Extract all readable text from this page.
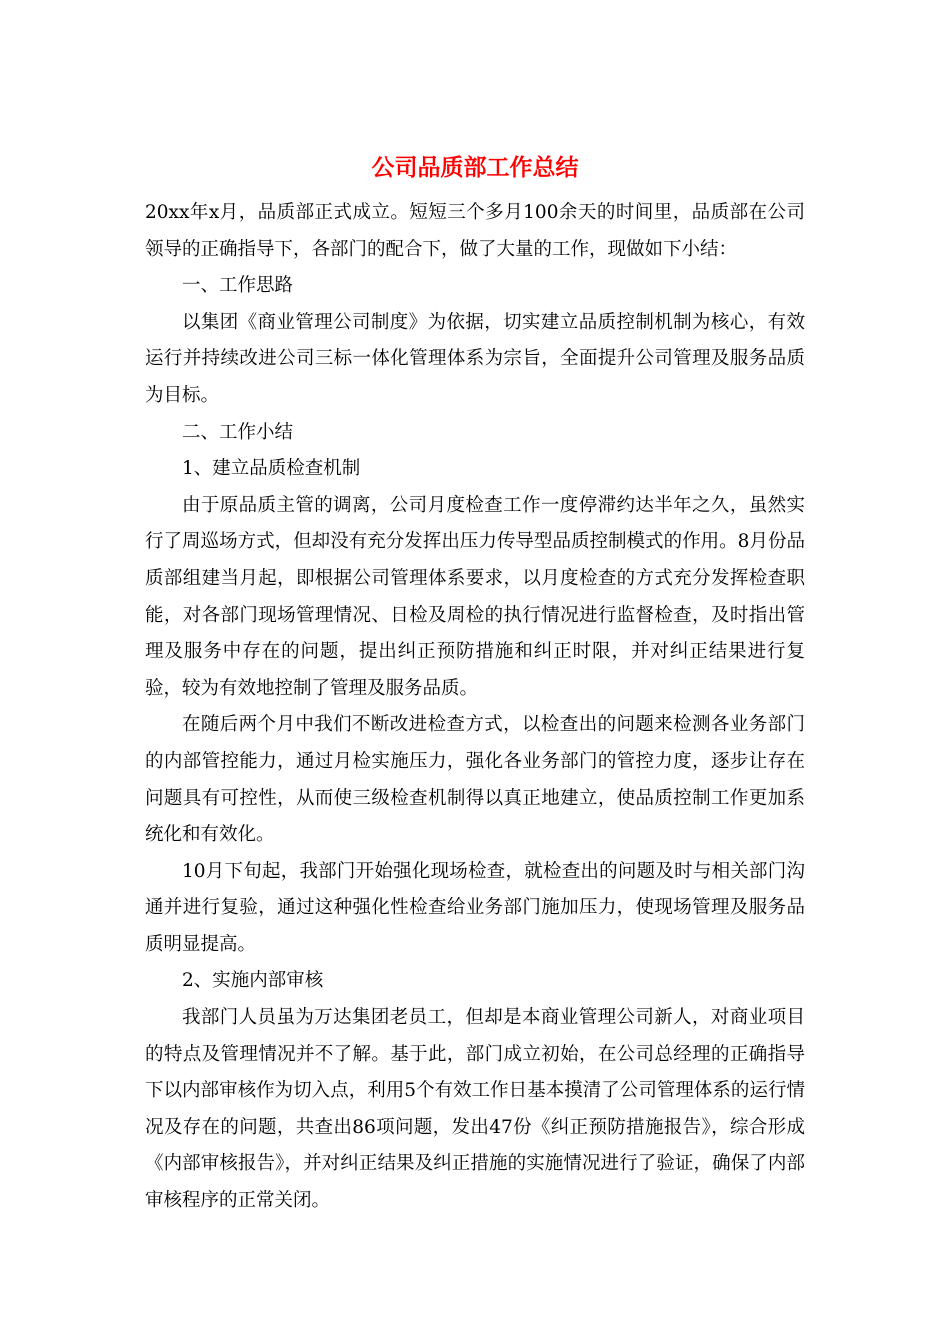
公司品质部工作总结

20xx年x月，品质部正式成立。短短三个多月100余天的时间里，品质部在公司领导的正确指导下，各部门的配合下，做了大量的工作，现做如下小结：

一、工作思路

以集团《商业管理公司制度》为依据，切实建立品质控制机制为核心，有效运行并持续改进公司三标一体化管理体系为宗旨，全面提升公司管理及服务品质为目标。

二、工作小结

1、建立品质检查机制

由于原品质主管的调离，公司月度检查工作一度停滞约达半年之久，虽然实行了周巡场方式，但却没有充分发挥出压力传导型品质控制模式的作用。8月份品质部组建当月起，即根据公司管理体系要求，以月度检查的方式充分发挥检查职能，对各部门现场管理情况、日检及周检的执行情况进行监督检查，及时指出管理及服务中存在的问题，提出纠正预防措施和纠正时限，并对纠正结果进行复验，较为有效地控制了管理及服务品质。

在随后两个月中我们不断改进检查方式，以检查出的问题来检测各业务部门的内部管控能力，通过月检实施压力，强化各业务部门的管控力度，逐步让存在问题具有可控性，从而使三级检查机制得以真正地建立，使品质控制工作更加系统化和有效化。

10月下旬起，我部门开始强化现场检查，就检查出的问题及时与相关部门沟通并进行复验，通过这种强化性检查给业务部门施加压力，使现场管理及服务品质明显提高。

2、实施内部审核

我部门人员虽为万达集团老员工，但却是本商业管理公司新人，对商业项目的特点及管理情况并不了解。基于此，部门成立初始，在公司总经理的正确指导下以内部审核作为切入点，利用5个有效工作日基本摸清了公司管理体系的运行情况及存在的问题，共查出86项问题，发出47份《纠正预防措施报告》，综合形成《内部审核报告》，并对纠正结果及纠正措施的实施情况进行了验证，确保了内部审核程序的正常关闭。
